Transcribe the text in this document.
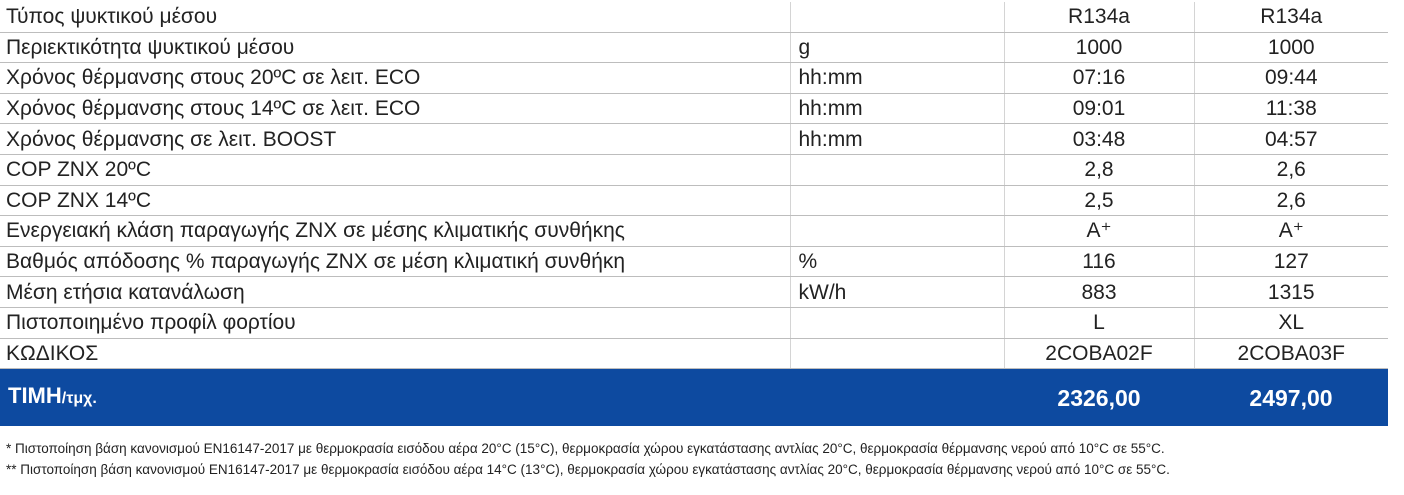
Τύπος ψυκτικού μέσου		R134a	R134a
Περιεκτικότητα ψυκτικού μέσου	g	1000	1000
Χρόνος θέρμανσης στους 20ºC σε λειτ. ECO	hh:mm	07:16	09:44
Χρόνος θέρμανσης στους 14ºC σε λειτ. ECO	hh:mm	09:01	11:38
Χρόνος θέρμανσης σε λειτ. BOOST	hh:mm	03:48	04:57
COP ZNX 20ºC		2,8	2,6
COP ZNX 14ºC		2,5	2,6
Ενεργειακή κλάση παραγωγής ZNX σε μέσης κλιματικής συνθήκης		A⁺	A⁺
Βαθμός απόδοσης % παραγωγής ZNX σε μέση κλιματική συνθήκη	%	116	127
Μέση ετήσια κατανάλωση	kW/h	883	1315
Πιστοποιημένο προφίλ φορτίου		L	XL
ΚΩΔΙΚΟΣ		2COBA02F	2COBA03F
ΤΙΜΗ/τμχ.		2326,00	2497,00
* Πιστοποίηση βάση κανονισμού EN16147-2017 με θερμοκρασία εισόδου αέρα 20°C (15°C), θερμοκρασία χώρου εγκατάστασης αντλίας 20°C, θερμοκρασία θέρμανσης νερού από 10°C σε 55°C.
** Πιστοποίηση βάση κανονισμού EN16147-2017 με θερμοκρασία εισόδου αέρα 14°C (13°C), θερμοκρασία χώρου εγκατάστασης αντλίας 20°C, θερμοκρασία θέρμανσης νερού από 10°C σε 55°C.
